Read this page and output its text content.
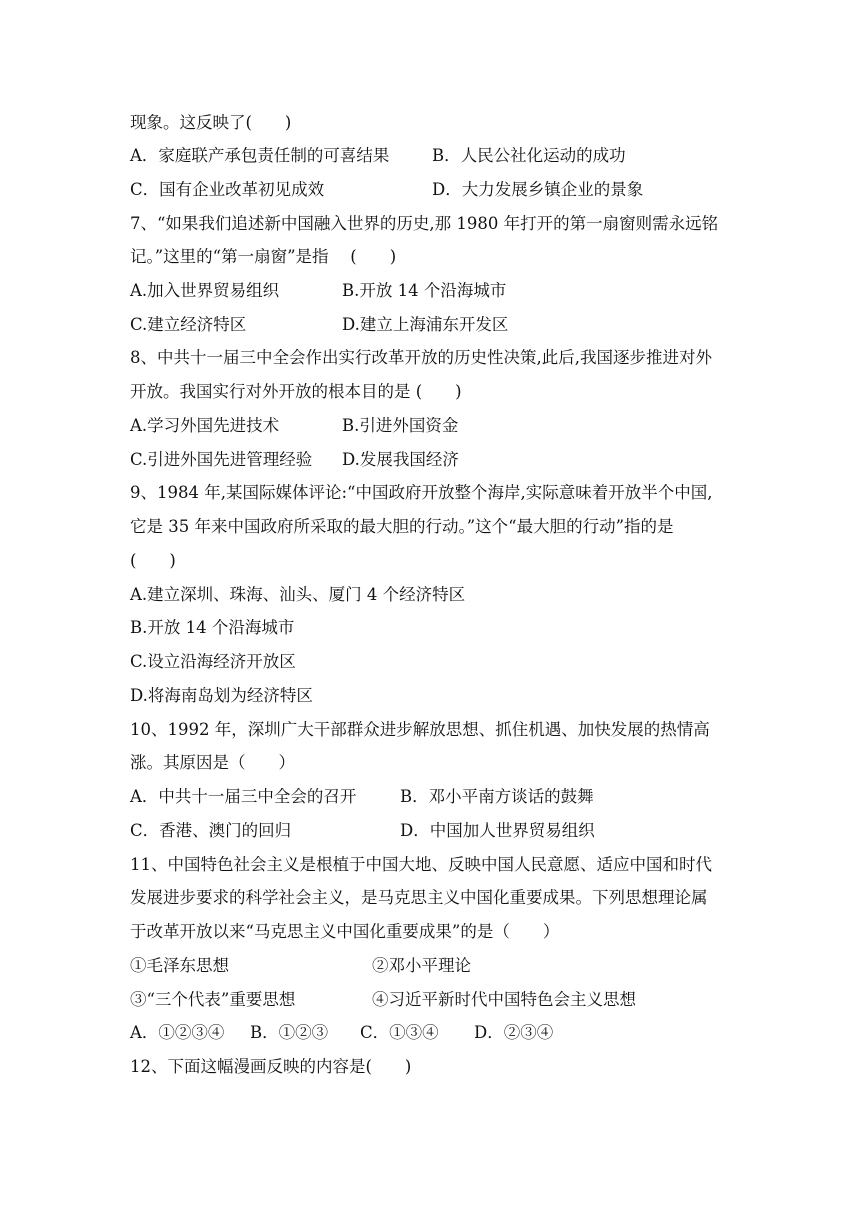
现象。这反映了(　　)

A．家庭联产承包责任制的可喜结果

	B．人民公社化运动的成功

C．国有企业改革初见成效

	D．大力发展乡镇企业的景象

7、“如果我们追述新中国融入世界的历史,那 1980 年打开的第一扇窗则需永远铭
记。”这里的“第一扇窗”是指　 (　　)

A.加入世界贸易组织

	B.开放 14 个沿海城市

C.建立经济特区

	D.建立上海浦东开发区

8、中共十一届三中全会作出实行改革开放的历史性决策,此后,我国逐步推进对外
开放。我国实行对外开放的根本目的是 (　　)

A.学习外国先进技术

	B.引进外国资金

C.引进外国先进管理经验

D.发展我国经济

9、1984 年,某国际媒体评论:“中国政府开放整个海岸,实际意味着开放半个中国,
它是 35 年来中国政府所采取的最大胆的行动。”这个“最大胆的行动”指的是
(　　)
A.建立深圳、珠海、汕头、厦门 4 个经济特区
B.开放 14 个沿海城市
C.设立沿海经济开放区
D.将海南岛划为经济特区
10、1992 年，深圳广大干部群众进步解放思想、抓住机遇、加快发展的热情高
涨。其原因是（　　）

A．中共十一届三中全会的召开

	B．邓小平南方谈话的鼓舞

C．香港、澳门的回归

	D．中国加人世界贸易组织

11、中国特色社会主义是根植于中国大地、反映中国人民意愿、适应中国和时代
发展进步要求的科学社会主义，是马克思主义中国化重要成果。下列思想理论属
于改革开放以来“马克思主义中国化重要成果”的是（　　）

①毛泽东思想

	②邓小平理论

③“三个代表”重要思想

	④习近平新时代中国特色会主义思想

A．①②③④

B．①②③

C．①③④

D．②③④

12、下面这幅漫画反映的内容是(　　)
